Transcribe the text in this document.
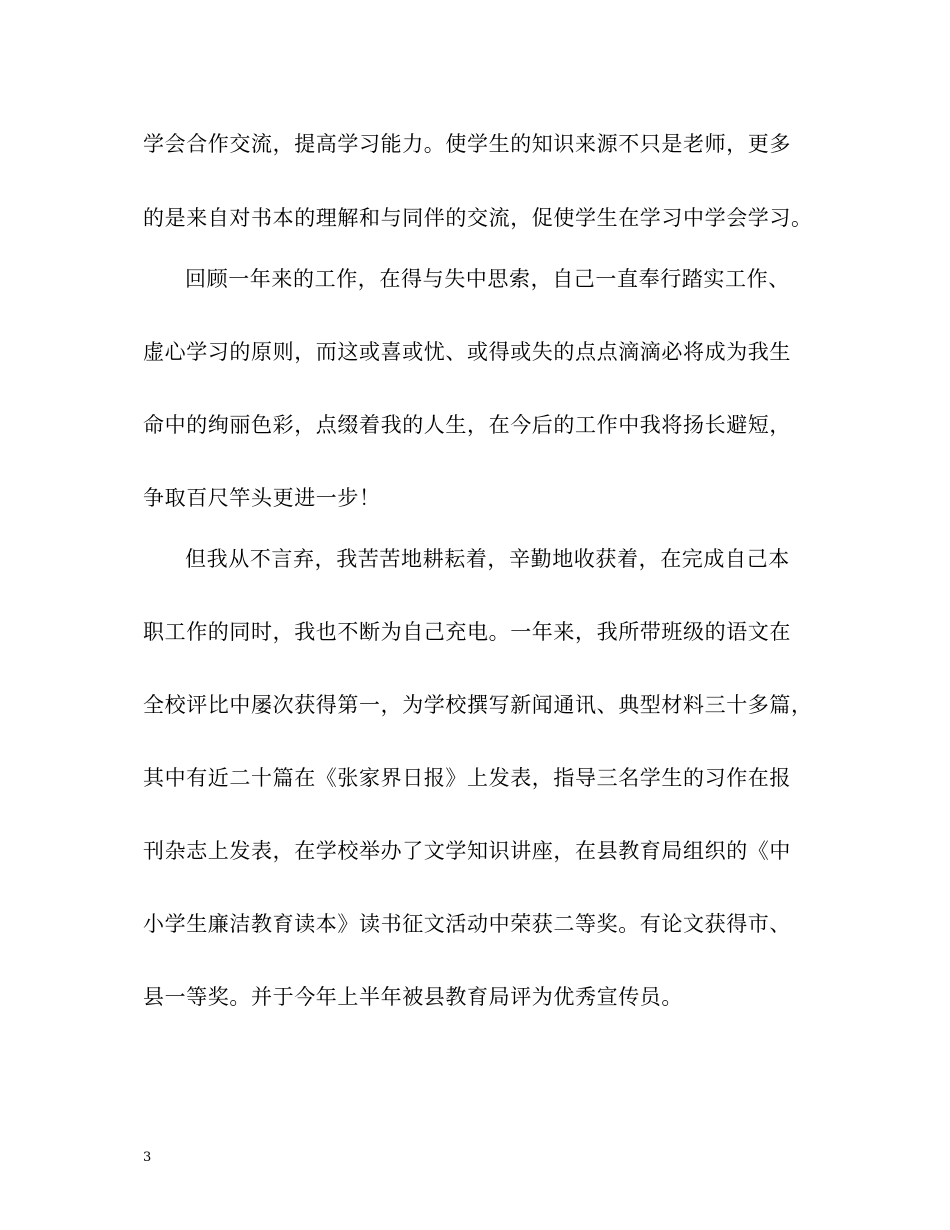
学会合作交流，提高学习能力。使学生的知识来源不只是老师，更多
的是来自对书本的理解和与同伴的交流，促使学生在学习中学会学习。
回顾一年来的工作，在得与失中思索，自己一直奉行踏实工作、
虚心学习的原则，而这或喜或忧、或得或失的点点滴滴必将成为我生
命中的绚丽色彩，点缀着我的人生，在今后的工作中我将扬长避短，
争取百尺竿头更进一步！
但我从不言弃，我苦苦地耕耘着，辛勤地收获着，在完成自己本
职工作的同时，我也不断为自己充电。一年来，我所带班级的语文在
全校评比中屡次获得第一，为学校撰写新闻通讯、典型材料三十多篇，
其中有近二十篇在《张家界日报》上发表，指导三名学生的习作在报
刊杂志上发表，在学校举办了文学知识讲座，在县教育局组织的《中
小学生廉洁教育读本》读书征文活动中荣获二等奖。有论文获得市、
县一等奖。并于今年上半年被县教育局评为优秀宣传员。
3
